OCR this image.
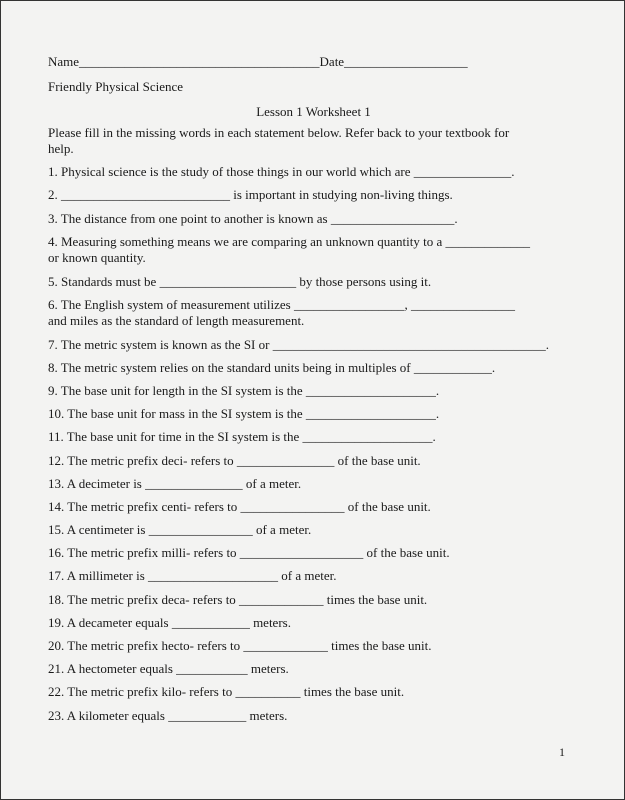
Name_____________________________________Date___________________
Friendly Physical Science
Lesson 1 Worksheet 1
Please fill in the missing words in each statement below. Refer back to your textbook for
help.
1. Physical science is the study of those things in our world which are _______________.
2. __________________________ is important in studying non-living things.
3. The distance from one point to another is known as ___________________.
4. Measuring something means we are comparing an unknown quantity to a _____________
or known quantity.
5. Standards must be _____________________ by those persons using it.
6. The English system of measurement utilizes _________________, ________________
and miles as the standard of length measurement.
7. The metric system is known as the SI or __________________________________________.
8. The metric system relies on the standard units being in multiples of ____________.
9. The base unit for length in the SI system is the ____________________.
10. The base unit for mass in the SI system is the ____________________.
11. The base unit for time in the SI system is the ____________________.
12. The metric prefix deci- refers to _______________ of the base unit.
13. A decimeter is _______________ of a meter.
14. The metric prefix centi- refers to ________________ of the base unit.
15. A centimeter is ________________ of a meter.
16. The metric prefix milli- refers to ___________________ of the base unit.
17. A millimeter is ____________________ of a meter.
18. The metric prefix deca- refers to _____________ times the base unit.
19. A decameter equals ____________ meters.
20. The metric prefix hecto- refers to _____________ times the base unit.
21. A hectometer equals ___________ meters.
22. The metric prefix kilo- refers to __________ times the base unit.
23. A kilometer equals ____________ meters.
1
